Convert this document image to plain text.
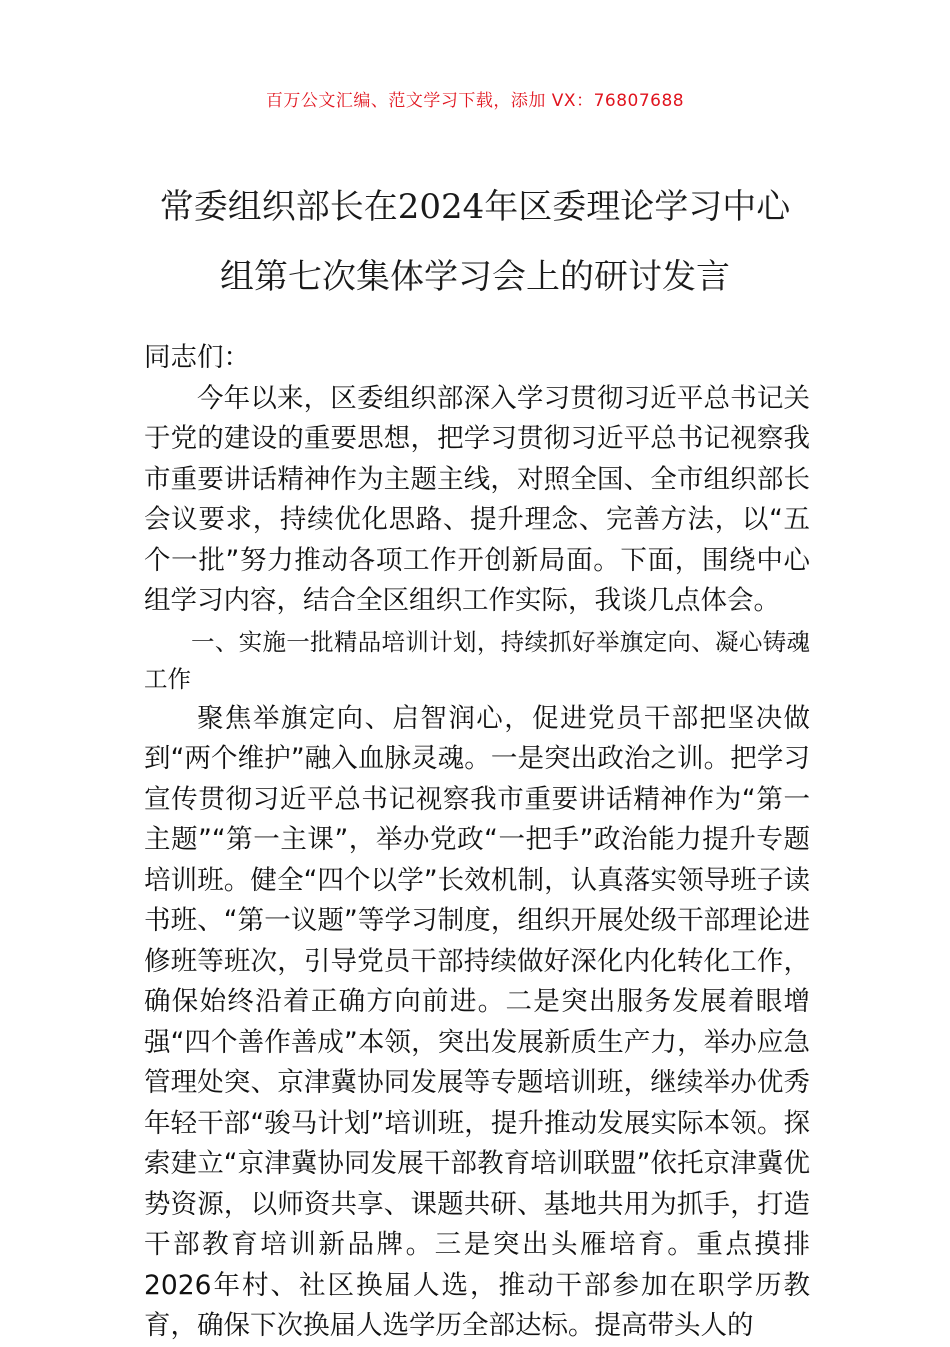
百万公文汇编、范文学习下载，添加 VX：76807688
常委组织部长在2024年区委理论学习中心
组第七次集体学习会上的研讨发言

同志们：

今年以来，区委组织部深入学习贯彻习近平总书记关于党的建设的重要思想，把学习贯彻习近平总书记视察我市重要讲话精神作为主题主线，对照全国、全市组织部长会议要求，持续优化思路、提升理念、完善方法，以“五个一批”努力推动各项工作开创新局面。下面，围绕中心组学习内容，结合全区组织工作实际，我谈几点体会。

一、实施一批精品培训计划，持续抓好举旗定向、凝心铸魂工作

聚焦举旗定向、启智润心，促进党员干部把坚决做到“两个维护”融入血脉灵魂。一是突出政治之训。把学习宣传贯彻习近平总书记视察我市重要讲话精神作为“第一主题”“第一主课”，举办党政“一把手”政治能力提升专题培训班。健全“四个以学”长效机制，认真落实领导班子读书班、“第一议题”等学习制度，组织开展处级干部理论进修班等班次，引导党员干部持续做好深化内化转化工作，确保始终沿着正确方向前进。二是突出服务发展着眼增强“四个善作善成”本领，突出发展新质生产力，举办应急管理处突、京津冀协同发展等专题培训班，继续举办优秀年轻干部“骏马计划”培训班，提升推动发展实际本领。探索建立“京津冀协同发展干部教育培训联盟”依托京津冀优势资源，以师资共享、课题共研、基地共用为抓手，打造干部教育培训新品牌。三是突出头雁培育。重点摸排2026年村、社区换届人选，推动干部参加在职学历教育，确保下次换届人选学历全部达标。提高带头人的
